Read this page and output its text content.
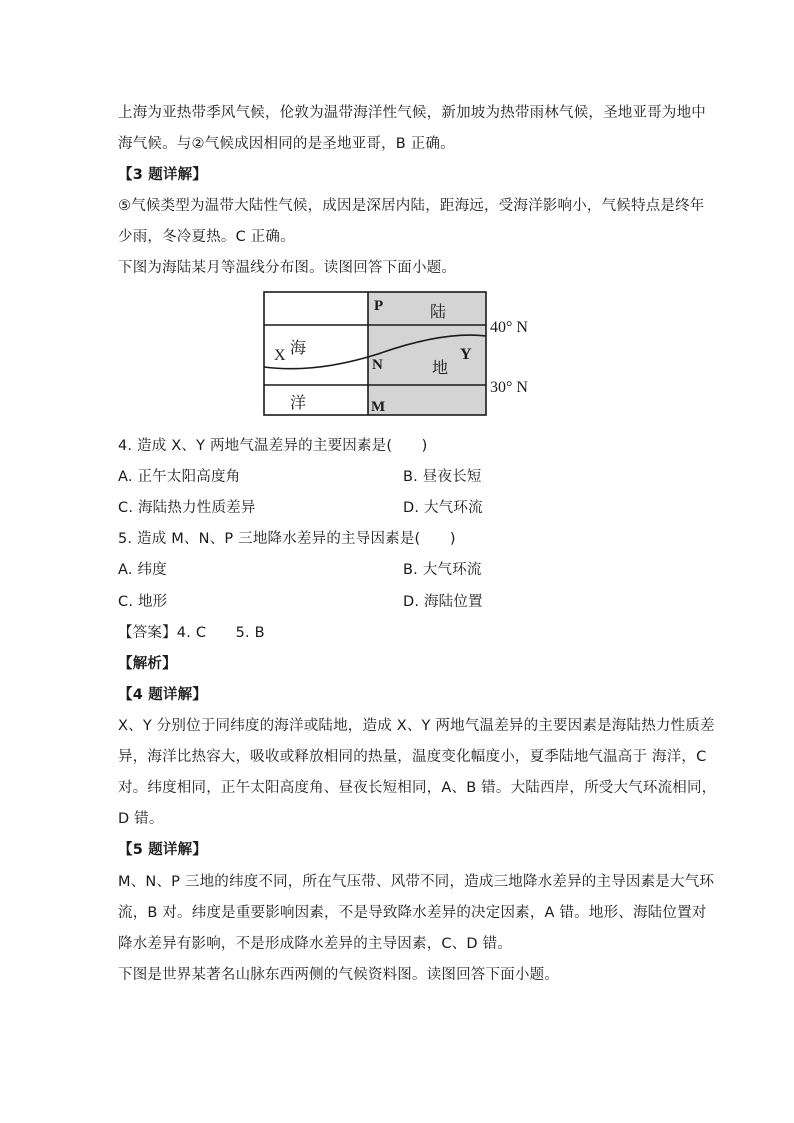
上海为亚热带季风气候，伦敦为温带海洋性气候，新加坡为热带雨林气候，圣地亚哥为地中
海气候。与②气候成因相同的是圣地亚哥，B 正确。
【3 题详解】
⑤气候类型为温带大陆性气候，成因是深居内陆，距海远，受海洋影响小，气候特点是终年
少雨，冬冷夏热。C 正确。
下图为海陆某月等温线分布图。读图回答下面小题。
P	陆
X 海
N
Y
地
洋	M
40° N
30° N
4. 造成 X、Y 两地气温差异的主要因素是(　　)
A. 正午太阳高度角	B. 昼夜长短
C. 海陆热力性质差异	D. 大气环流
5. 造成 M、N、P 三地降水差异的主导因素是(　　)
A. 纬度	B. 大气环流
C. 地形	D. 海陆位置
【答案】4. C　　5. B
【解析】
【4 题详解】
X、Y 分别位于同纬度的海洋或陆地，造成 X、Y 两地气温差异的主要因素是海陆热力性质差
异，海洋比热容大，吸收或释放相同的热量，温度变化幅度小，夏季陆地气温高于 海洋，C
对。纬度相同，正午太阳高度角、昼夜长短相同，A、B 错。大陆西岸，所受大气环流相同，
D 错。
【5 题详解】
M、N、P 三地的纬度不同，所在气压带、风带不同，造成三地降水差异的主导因素是大气环
流，B 对。纬度是重要影响因素，不是导致降水差异的决定因素，A 错。地形、海陆位置对
降水差异有影响，不是形成降水差异的主导因素，C、D 错。
下图是世界某著名山脉东西两侧的气候资料图。读图回答下面小题。
